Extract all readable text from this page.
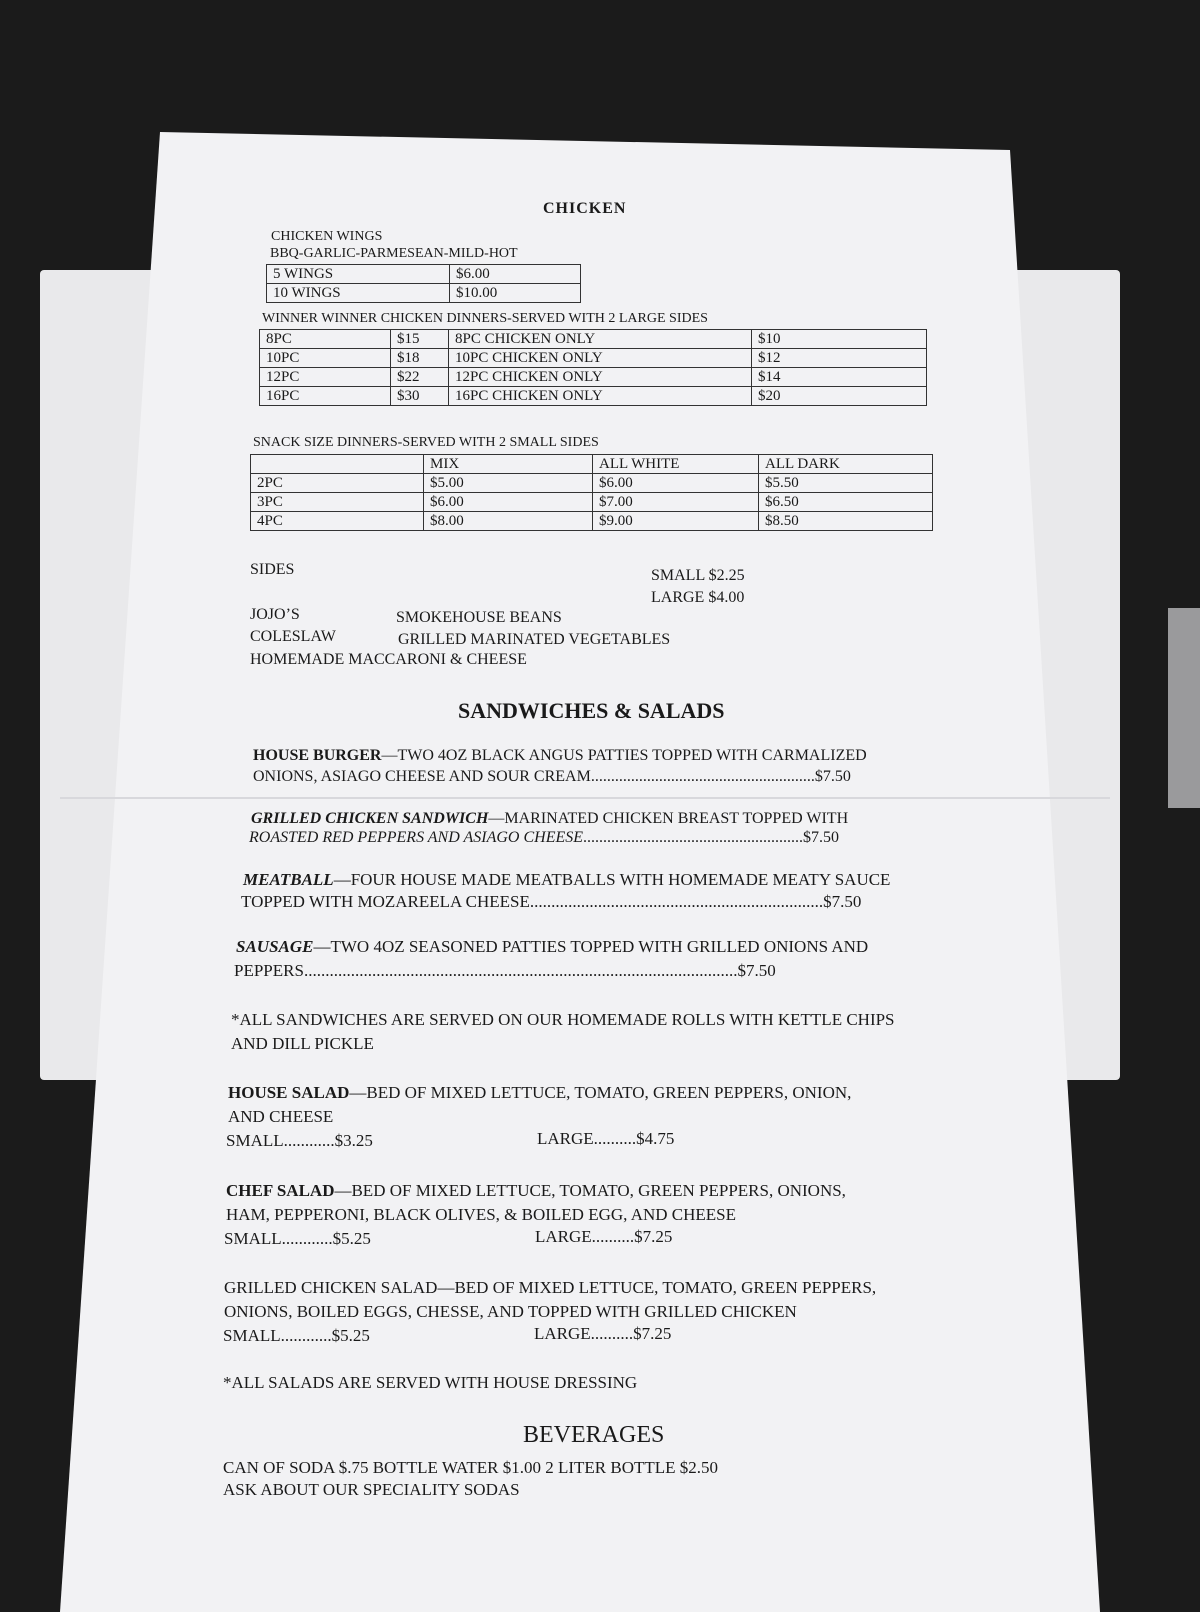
CHICKEN
CHICKEN WINGS
BBQ-GARLIC-PARMESEAN-MILD-HOT
5 WINGS	$6.00
10 WINGS	$10.00
WINNER WINNER CHICKEN DINNERS-SERVED WITH 2 LARGE SIDES
8PC	$15	8PC CHICKEN ONLY	$10
10PC	$18	10PC CHICKEN ONLY	$12
12PC	$22	12PC CHICKEN ONLY	$14
16PC	$30	16PC CHICKEN ONLY	$20
SNACK SIZE DINNERS-SERVED WITH 2 SMALL SIDES
	MIX	ALL WHITE	ALL DARK
2PC	$5.00	$6.00	$5.50
3PC	$6.00	$7.00	$6.50
4PC	$8.00	$9.00	$8.50
SIDES	SMALL $2.25
LARGE $4.00
JOJO’S	SMOKEHOUSE BEANS
COLESLAW	GRILLED MARINATED VEGETABLES
HOMEMADE MACCARONI & CHEESE
SANDWICHES & SALADS
HOUSE BURGER—TWO 4OZ BLACK ANGUS PATTIES TOPPED WITH CARMALIZED
ONIONS, ASIAGO CHEESE AND SOUR CREAM........................................................$7.50
GRILLED CHICKEN SANDWICH—MARINATED CHICKEN BREAST TOPPED WITH
ROASTED RED PEPPERS AND ASIAGO CHEESE.......................................................$7.50
MEATBALL—FOUR HOUSE MADE MEATBALLS WITH HOMEMADE MEATY SAUCE
TOPPED WITH MOZAREELA CHEESE.....................................................................$7.50
SAUSAGE—TWO 4OZ SEASONED PATTIES TOPPED WITH GRILLED ONIONS AND
PEPPERS......................................................................................................$7.50
*ALL SANDWICHES ARE SERVED ON OUR HOMEMADE ROLLS WITH KETTLE CHIPS
AND DILL PICKLE
HOUSE SALAD—BED OF MIXED LETTUCE, TOMATO, GREEN PEPPERS, ONION,
AND CHEESE
SMALL............$3.25	LARGE..........$4.75
CHEF SALAD—BED OF MIXED LETTUCE, TOMATO, GREEN PEPPERS, ONIONS,
HAM, PEPPERONI, BLACK OLIVES, & BOILED EGG, AND CHEESE
SMALL............$5.25	LARGE..........$7.25
GRILLED CHICKEN SALAD—BED OF MIXED LETTUCE, TOMATO, GREEN PEPPERS,
ONIONS, BOILED EGGS, CHESSE, AND TOPPED WITH GRILLED CHICKEN
SMALL............$5.25	LARGE..........$7.25
*ALL SALADS ARE SERVED WITH HOUSE DRESSING
BEVERAGES
CAN OF SODA $.75 BOTTLE WATER $1.00 2 LITER BOTTLE $2.50
ASK ABOUT OUR SPECIALITY SODAS
